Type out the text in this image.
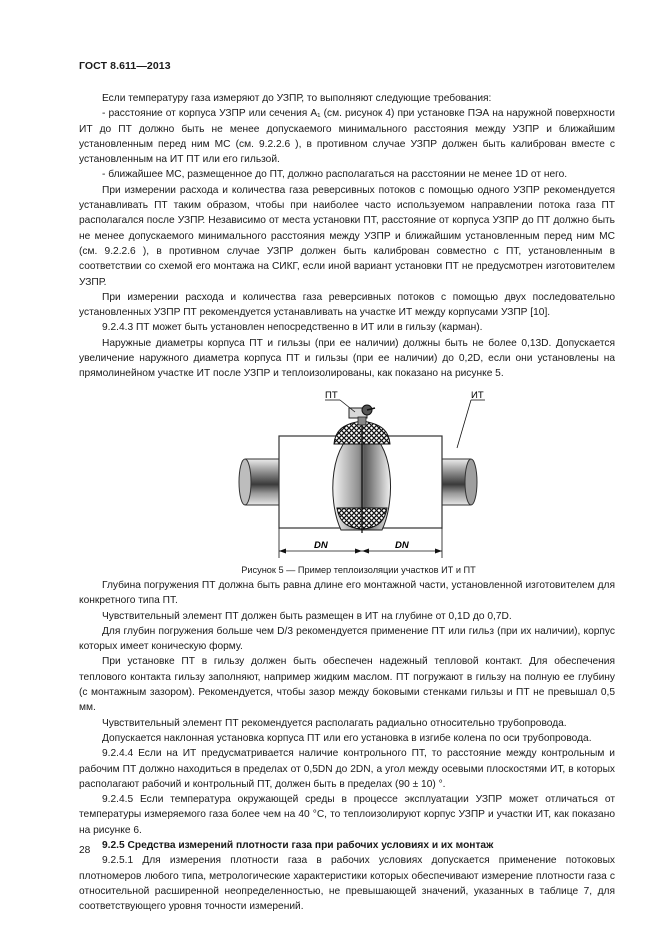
ГОСТ 8.611—2013

Если температуру газа измеряют до УЗПР, то выполняют следующие требования:

- расстояние от корпуса УЗПР или сечения А₁ (см. рисунок 4) при установке ПЭА на наружной поверхности ИТ до ПТ должно быть не менее допускаемого минимального расстояния между УЗПР и ближайшим установленным перед ним МС (см. 9.2.2.6 ), в противном случае УЗПР должен быть калиброван вместе с установленным на ИТ ПТ или его гильзой.

- ближайшее МС, размещенное до ПТ, должно располагаться на расстоянии не менее 1D от него.

При измерении расхода и количества газа реверсивных потоков с помощью одного УЗПР рекомендуется устанавливать ПТ таким образом, чтобы при наиболее часто используемом направлении потока газа ПТ располагался после УЗПР. Независимо от места установки ПТ, расстояние от корпуса УЗПР до ПТ должно быть не менее допускаемого минимального расстояния между УЗПР и ближайшим установленным перед ним МС (см. 9.2.2.6 ), в противном случае УЗПР должен быть калиброван совместно с ПТ, установленным в соответствии со схемой его монтажа на СИКГ, если иной вариант установки ПТ не предусмотрен изготовителем УЗПР.

При измерении расхода и количества газа реверсивных потоков с помощью двух последовательно установленных УЗПР ПТ рекомендуется устанавливать на участке ИТ между корпусами УЗПР [10].

9.2.4.3 ПТ может быть установлен непосредственно в ИТ или в гильзу (карман).

Наружные диаметры корпуса ПТ и гильзы (при ее наличии) должны быть не более 0,13D. Допускается увеличение наружного диаметра корпуса ПТ и гильзы (при ее наличии) до 0,2D, если они установлены на прямолинейном участке ИТ после УЗПР и теплоизолированы, как показано на рисунке 5.

ПТ	ИТ
DN	DN

Рисунок 5 — Пример теплоизоляции участков ИТ и ПТ

Глубина погружения ПТ должна быть равна длине его монтажной части, установленной изготовителем для конкретного типа ПТ.

Чувствительный элемент ПТ должен быть размещен в ИТ на глубине от 0,1D до 0,7D.

Для глубин погружения больше чем D/3 рекомендуется применение ПТ или гильз (при их наличии), корпус которых имеет коническую форму.

При установке ПТ в гильзу должен быть обеспечен надежный тепловой контакт. Для обеспечения теплового контакта гильзу заполняют, например жидким маслом. ПТ погружают в гильзу на полную ее глубину (с монтажным зазором). Рекомендуется, чтобы зазор между боковыми стенками гильзы и ПТ не превышал 0,5 мм.

Чувствительный элемент ПТ рекомендуется располагать радиально относительно трубопровода.

Допускается наклонная установка корпуса ПТ или его установка в изгибе колена по оси трубопровода.

9.2.4.4 Если на ИТ предусматривается наличие контрольного ПТ, то расстояние между контрольным и рабочим ПТ должно находиться в пределах от 0,5DN до 2DN, а угол между осевыми плоскостями ИТ, в которых располагают рабочий и контрольный ПТ, должен быть в пределах (90 ± 10) °.

9.2.4.5 Если температура окружающей среды в процессе эксплуатации УЗПР может отличаться от температуры измеряемого газа более чем на 40 °С, то теплоизолируют корпус УЗПР и участки ИТ, как показано на рисунке 6.

9.2.5 Средства измерений плотности газа при рабочих условиях и их монтаж

9.2.5.1 Для измерения плотности газа в рабочих условиях допускается применение потоковых плотномеров любого типа, метрологические характеристики которых обеспечивают измерение плотности газа с относительной расширенной неопределенностью, не превышающей значений, указанных в таблице 7, для соответствующего уровня точности измерений.

28
